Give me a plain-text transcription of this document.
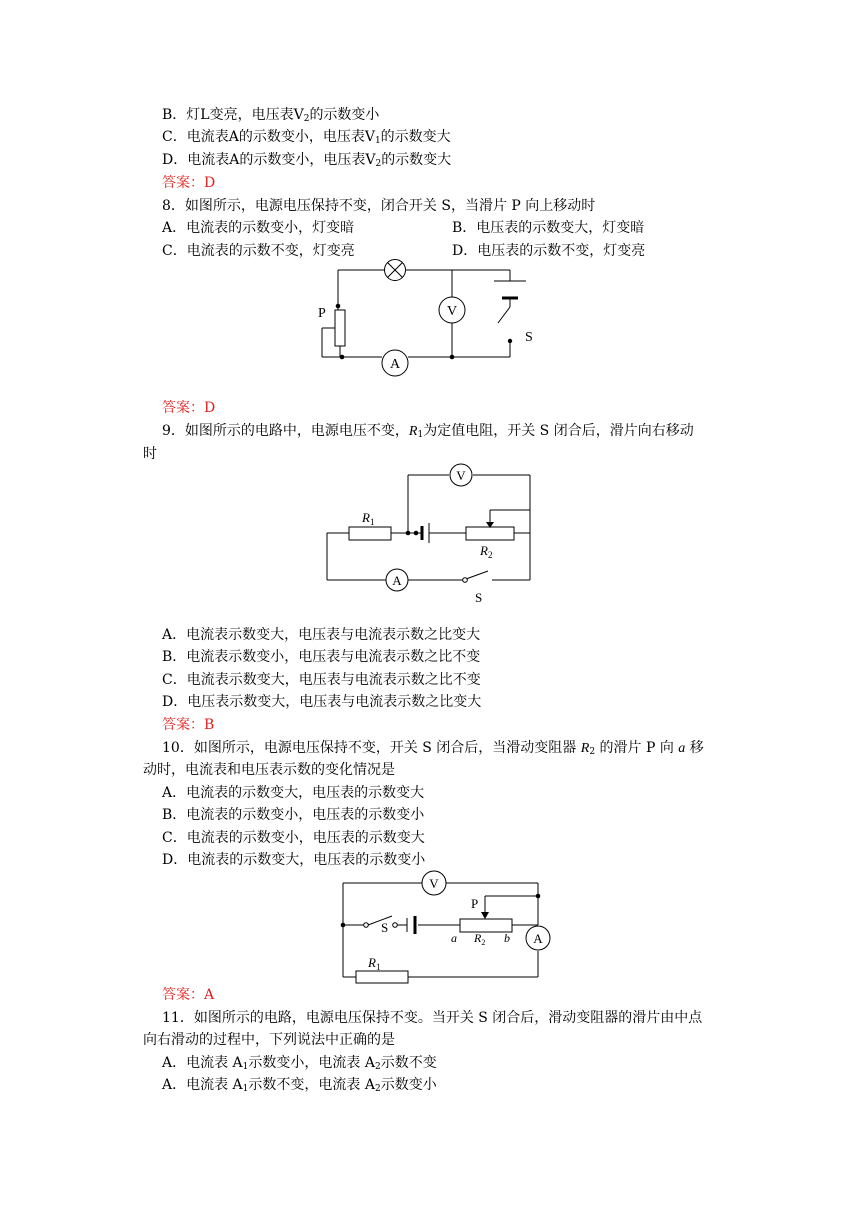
B．灯L变亮，电压表$V_2$的示数变小
C．电流表A的示数变小，电压表$V_1$的示数变大
D．电流表A的示数变小，电压表$V_2$的示数变大
答案：D
8．如图所示，电源电压保持不变，闭合开关 S，当滑片 P 向上移动时
A．电流表的示数变小，灯变暗	B．电压表的示数变大，灯变暗
C．电流表的示数不变，灯变亮	D．电压表的示数不变，灯变亮
V
A
P
S
答案：D
9．如图所示的电路中，电源电压不变，$R_1$为定值电阻，开关 S 闭合后，滑片向右移动
时
V
A
$R_1$
$R_2$
S
A．电流表示数变大，电压表与电流表示数之比变大
B．电流表示数变小，电压表与电流表示数之比不变
C．电流表示数变大，电压表与电流表示数之比不变
D．电压表示数变大，电压表与电流表示数之比变大
答案：B
10．如图所示，电源电压保持不变，开关 S 闭合后，当滑动变阻器 $R_2$ 的滑片 P 向 a 移
动时，电流表和电压表示数的变化情况是
A．电流表的示数变大，电压表的示数变大
B．电流表的示数变小，电压表的示数变小
C．电流表的示数变小，电压表的示数变大
D．电流表的示数变大，电压表的示数变小
V
A
P
S
a $R_2$ b
$R_1$
答案：A
11．如图所示的电路，电源电压保持不变。当开关 S 闭合后，滑动变阻器的滑片由中点
向右滑动的过程中，下列说法中正确的是
A．电流表 $A_1$示数变小，电流表 $A_2$示数不变
A．电流表 $A_1$示数不变，电流表 $A_2$示数变小
